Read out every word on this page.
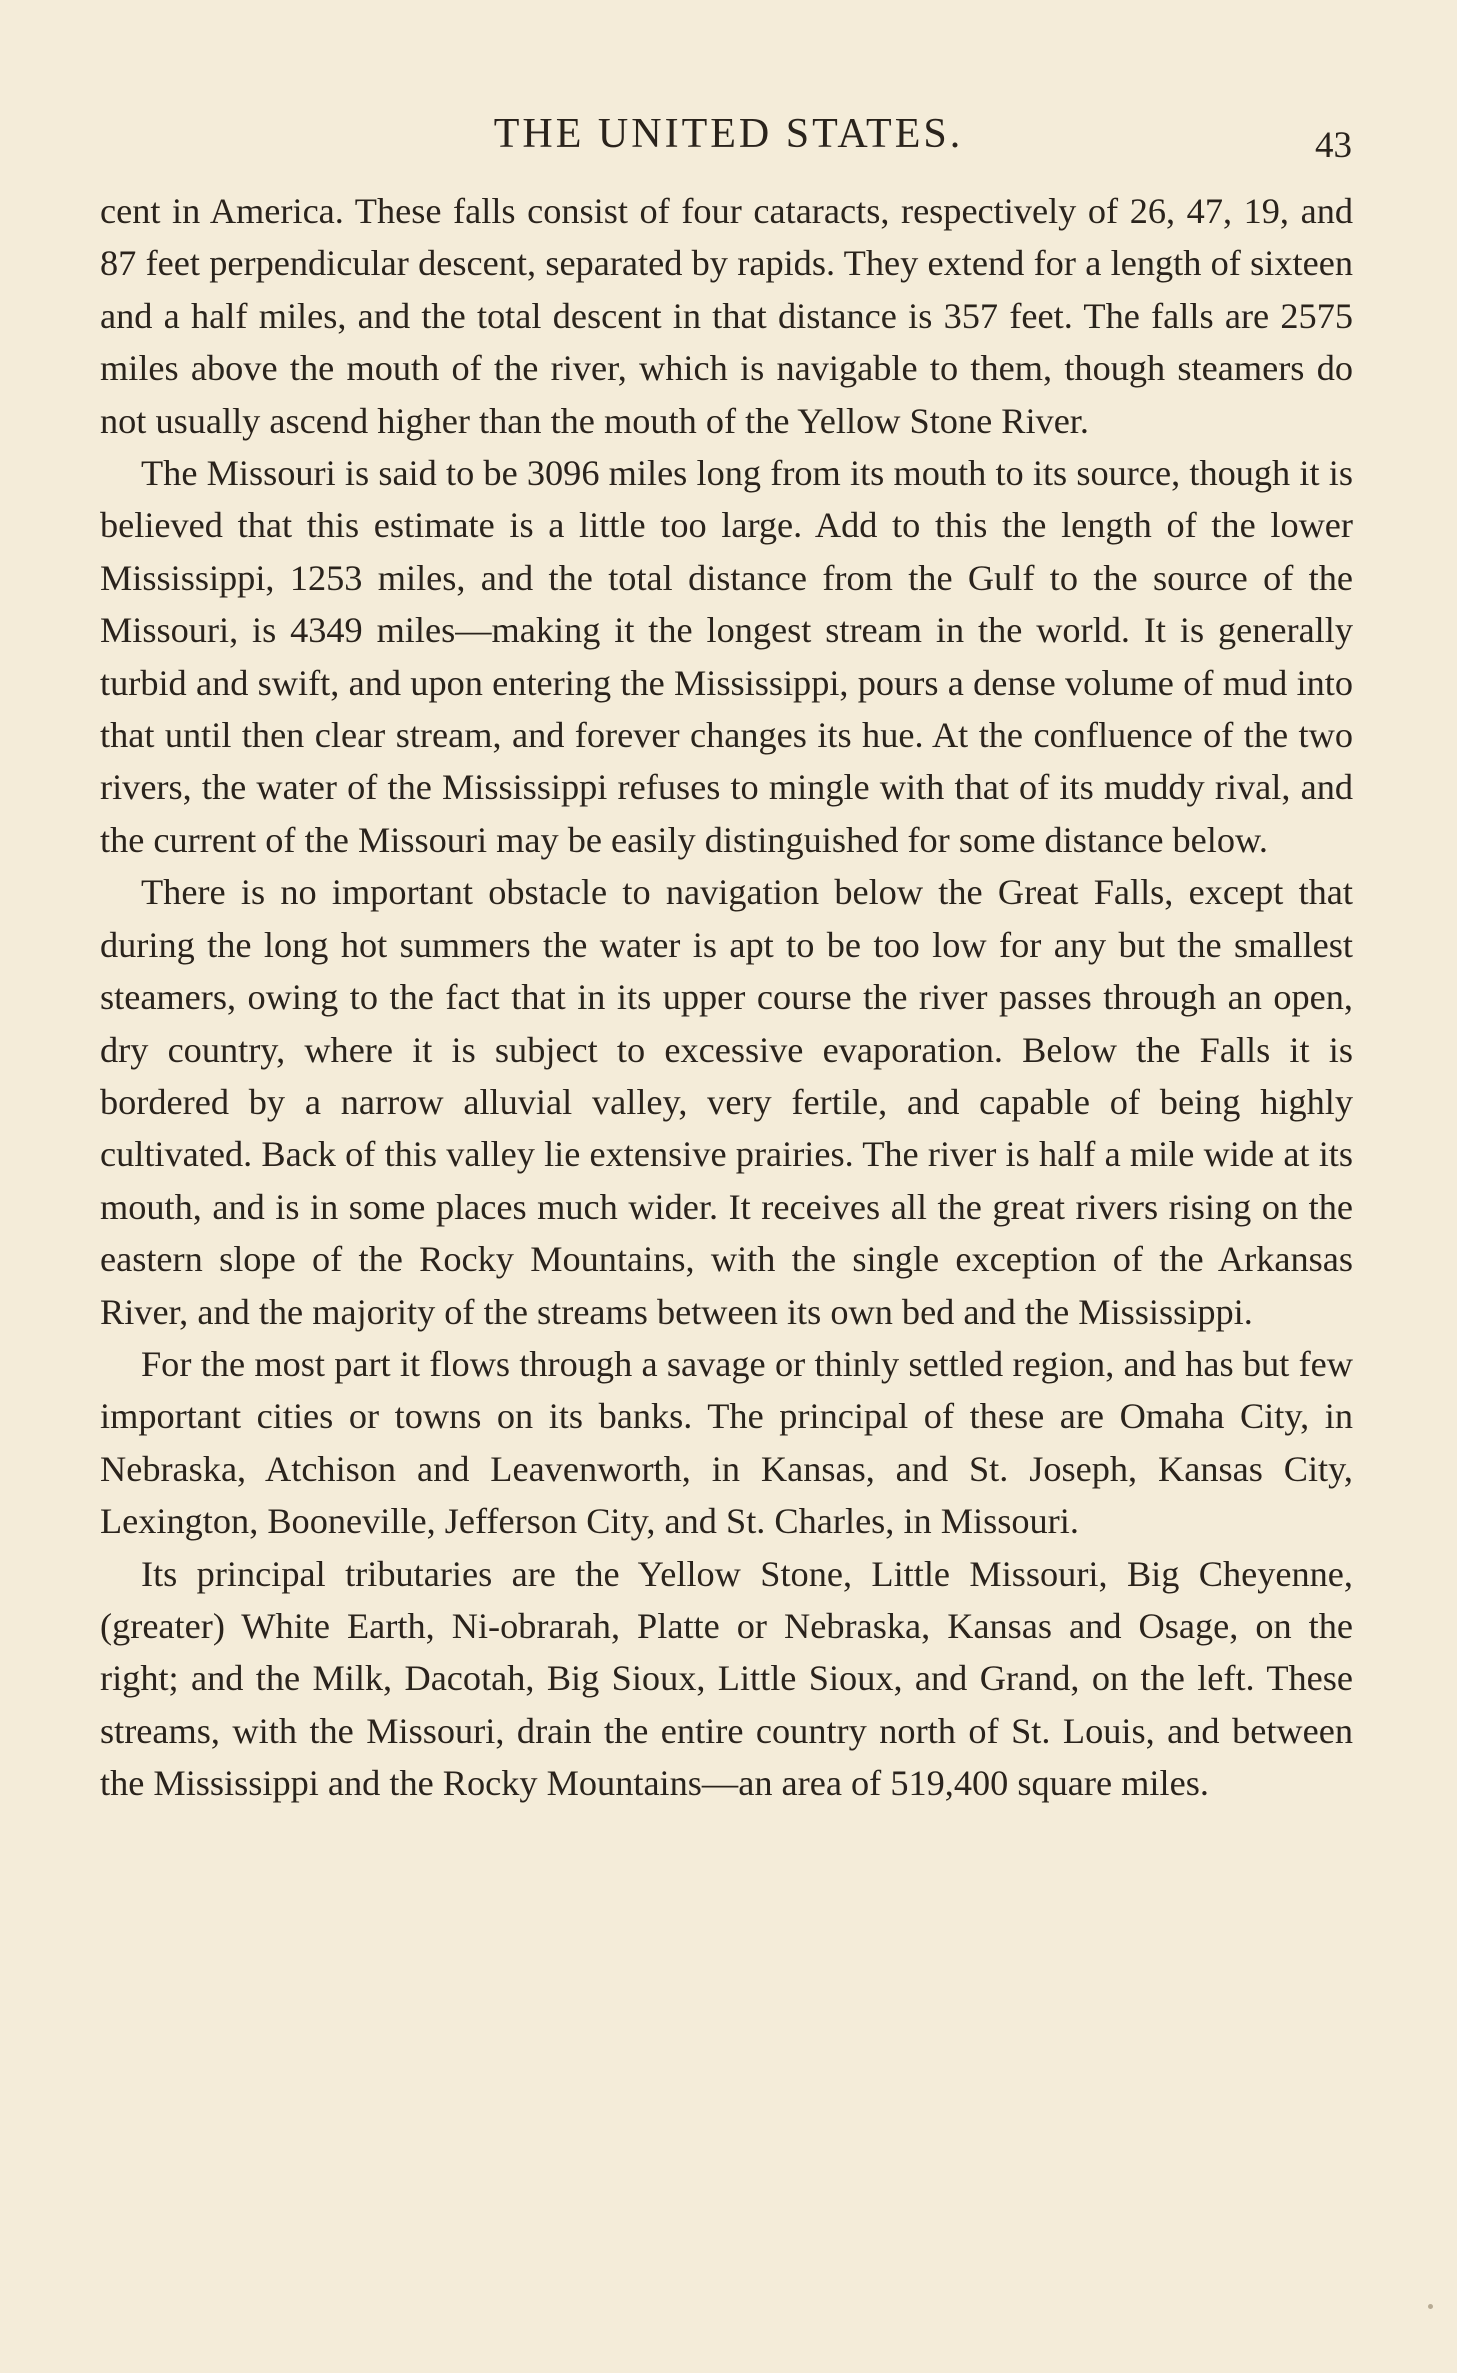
THE UNITED STATES.	43

cent in America. These falls consist of four cataracts, respectively of 26, 47, 19, and 87 feet perpendicular descent, separated by rapids. They extend for a length of sixteen and a half miles, and the total descent in that distance is 357 feet. The falls are 2575 miles above the mouth of the river, which is navigable to them, though steamers do not usually ascend higher than the mouth of the Yellow Stone River.

The Missouri is said to be 3096 miles long from its mouth to its source, though it is believed that this estimate is a little too large. Add to this the length of the lower Mississippi, 1253 miles, and the total distance from the Gulf to the source of the Missouri, is 4349 miles—making it the longest stream in the world. It is generally turbid and swift, and upon entering the Mississippi, pours a dense volume of mud into that until then clear stream, and forever changes its hue. At the confluence of the two rivers, the water of the Mississippi refuses to mingle with that of its muddy rival, and the current of the Missouri may be easily distinguished for some distance below.

There is no important obstacle to navigation below the Great Falls, except that during the long hot summers the water is apt to be too low for any but the smallest steamers, owing to the fact that in its upper course the river passes through an open, dry country, where it is subject to excessive evaporation. Below the Falls it is bordered by a narrow alluvial valley, very fertile, and capable of being highly cultivated. Back of this valley lie extensive prairies. The river is half a mile wide at its mouth, and is in some places much wider. It receives all the great rivers rising on the eastern slope of the Rocky Mountains, with the single exception of the Arkansas River, and the majority of the streams between its own bed and the Mississippi.

For the most part it flows through a savage or thinly settled region, and has but few important cities or towns on its banks. The principal of these are Omaha City, in Nebraska, Atchison and Leavenworth, in Kansas, and St. Joseph, Kansas City, Lexington, Booneville, Jefferson City, and St. Charles, in Missouri.

Its principal tributaries are the Yellow Stone, Little Missouri, Big Cheyenne, (greater) White Earth, Ni-obrarah, Platte or Nebraska, Kansas and Osage, on the right; and the Milk, Dacotah, Big Sioux, Little Sioux, and Grand, on the left. These streams, with the Missouri, drain the entire country north of St. Louis, and between the Mississippi and the Rocky Mountains—an area of 519,400 square miles.
